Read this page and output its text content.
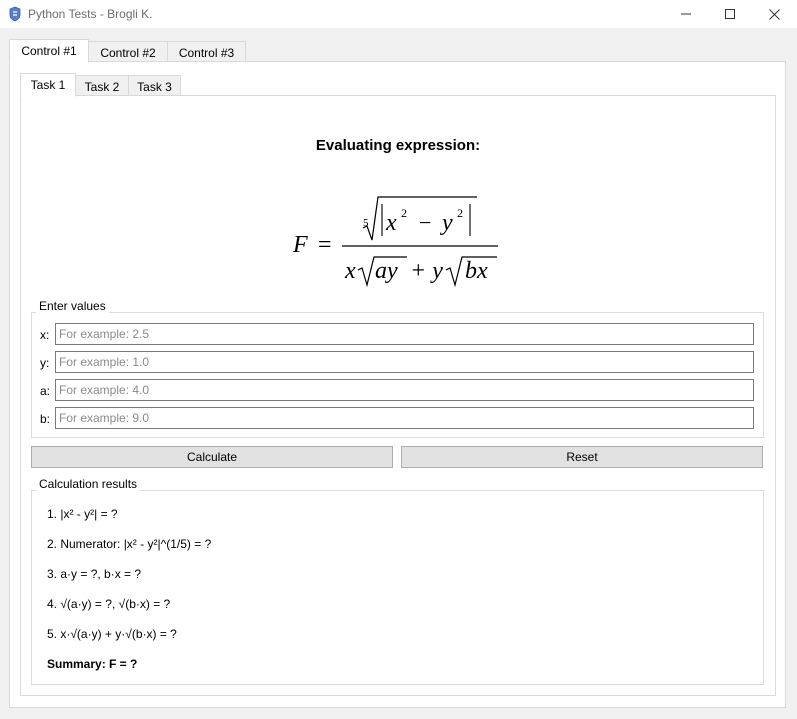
Python Tests - Brogli K.
Control #1 Control #2 Control #3
Task 1 Task 2 Task 3
Evaluating expression:
F =
5 x 2 − y 2
x ay + y bx
Enter values
x:
For example: 2.5
y:
For example: 1.0
a:
For example: 4.0
b:
For example: 9.0
Calculate	Reset
Calculation results
1. |x² - y²| = ?
2. Numerator: |x² - y²|^(1/5) = ?
3. a·y = ?, b·x = ?
4. √(a·y) = ?, √(b·x) = ?
5. x·√(a·y) + y·√(b·x) = ?
Summary: F = ?
